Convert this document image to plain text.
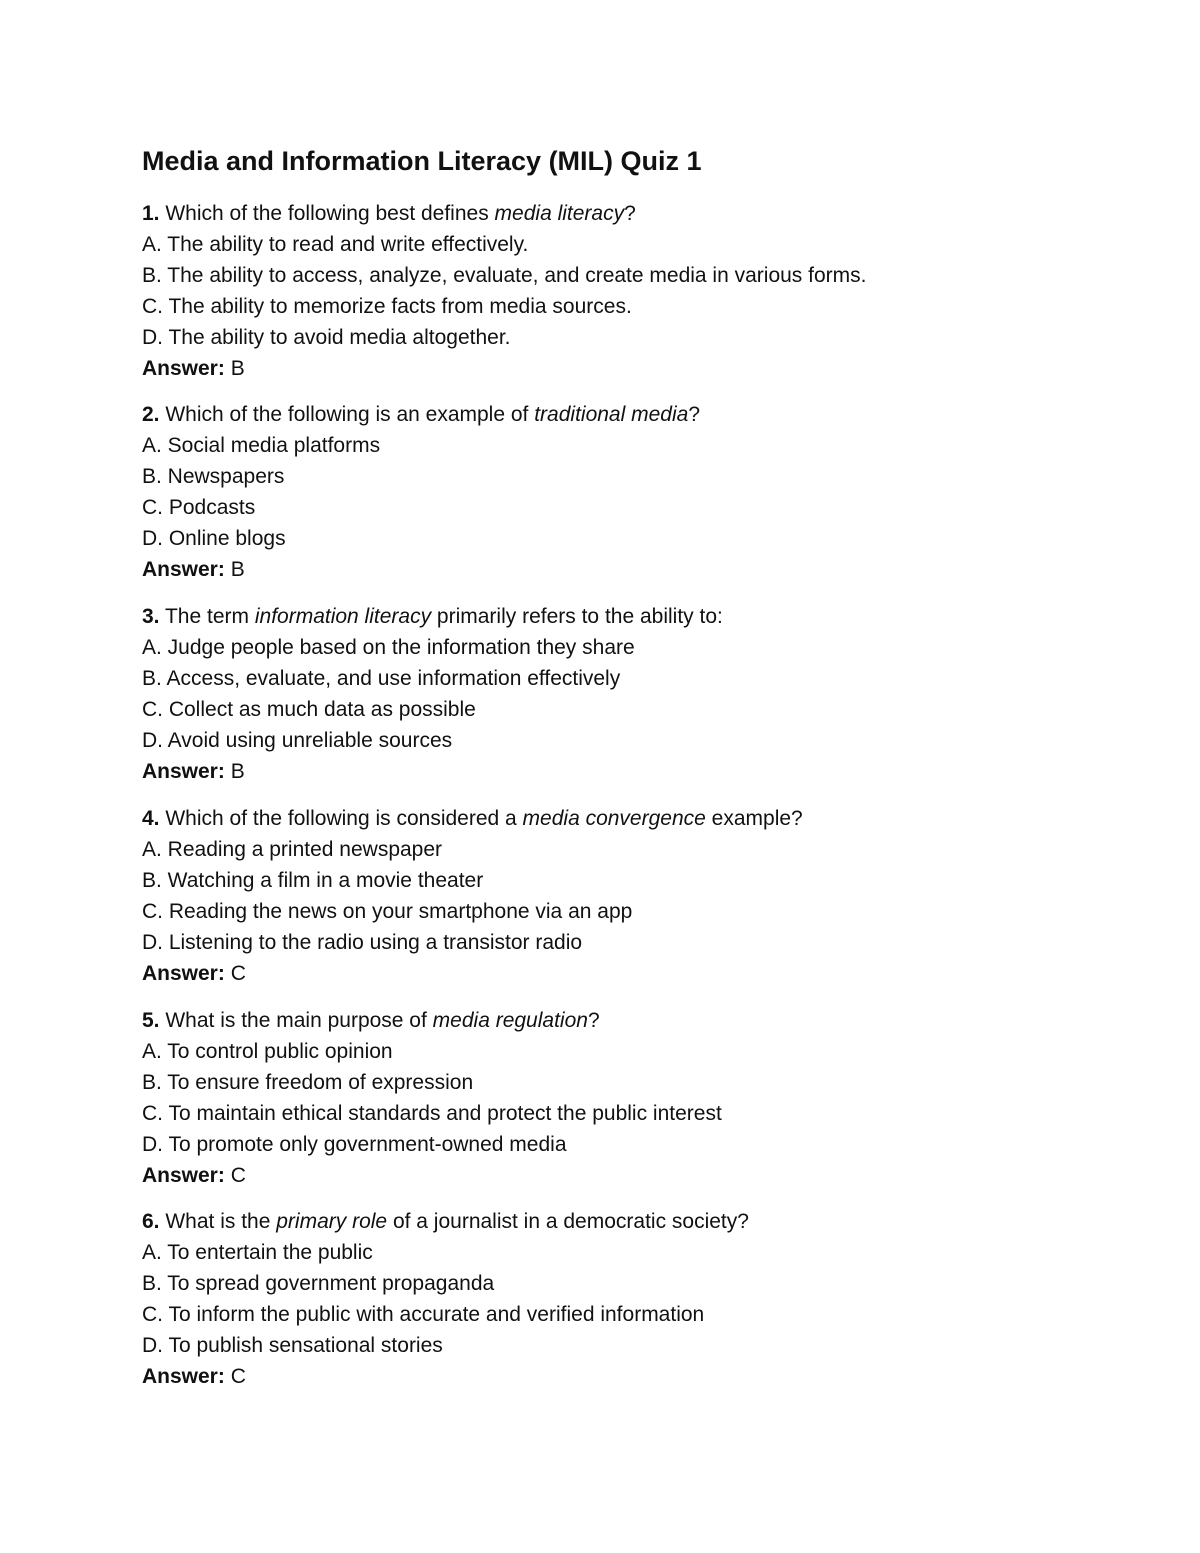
Media and Information Literacy (MIL) Quiz 1
1. Which of the following best defines media literacy?
A. The ability to read and write effectively.
B. The ability to access, analyze, evaluate, and create media in various forms.
C. The ability to memorize facts from media sources.
D. The ability to avoid media altogether.
Answer: B
2. Which of the following is an example of traditional media?
A. Social media platforms
B. Newspapers
C. Podcasts
D. Online blogs
Answer: B
3. The term information literacy primarily refers to the ability to:
A. Judge people based on the information they share
B. Access, evaluate, and use information effectively
C. Collect as much data as possible
D. Avoid using unreliable sources
Answer: B
4. Which of the following is considered a media convergence example?
A. Reading a printed newspaper
B. Watching a film in a movie theater
C. Reading the news on your smartphone via an app
D. Listening to the radio using a transistor radio
Answer: C
5. What is the main purpose of media regulation?
A. To control public opinion
B. To ensure freedom of expression
C. To maintain ethical standards and protect the public interest
D. To promote only government-owned media
Answer: C
6. What is the primary role of a journalist in a democratic society?
A. To entertain the public
B. To spread government propaganda
C. To inform the public with accurate and verified information
D. To publish sensational stories
Answer: C
